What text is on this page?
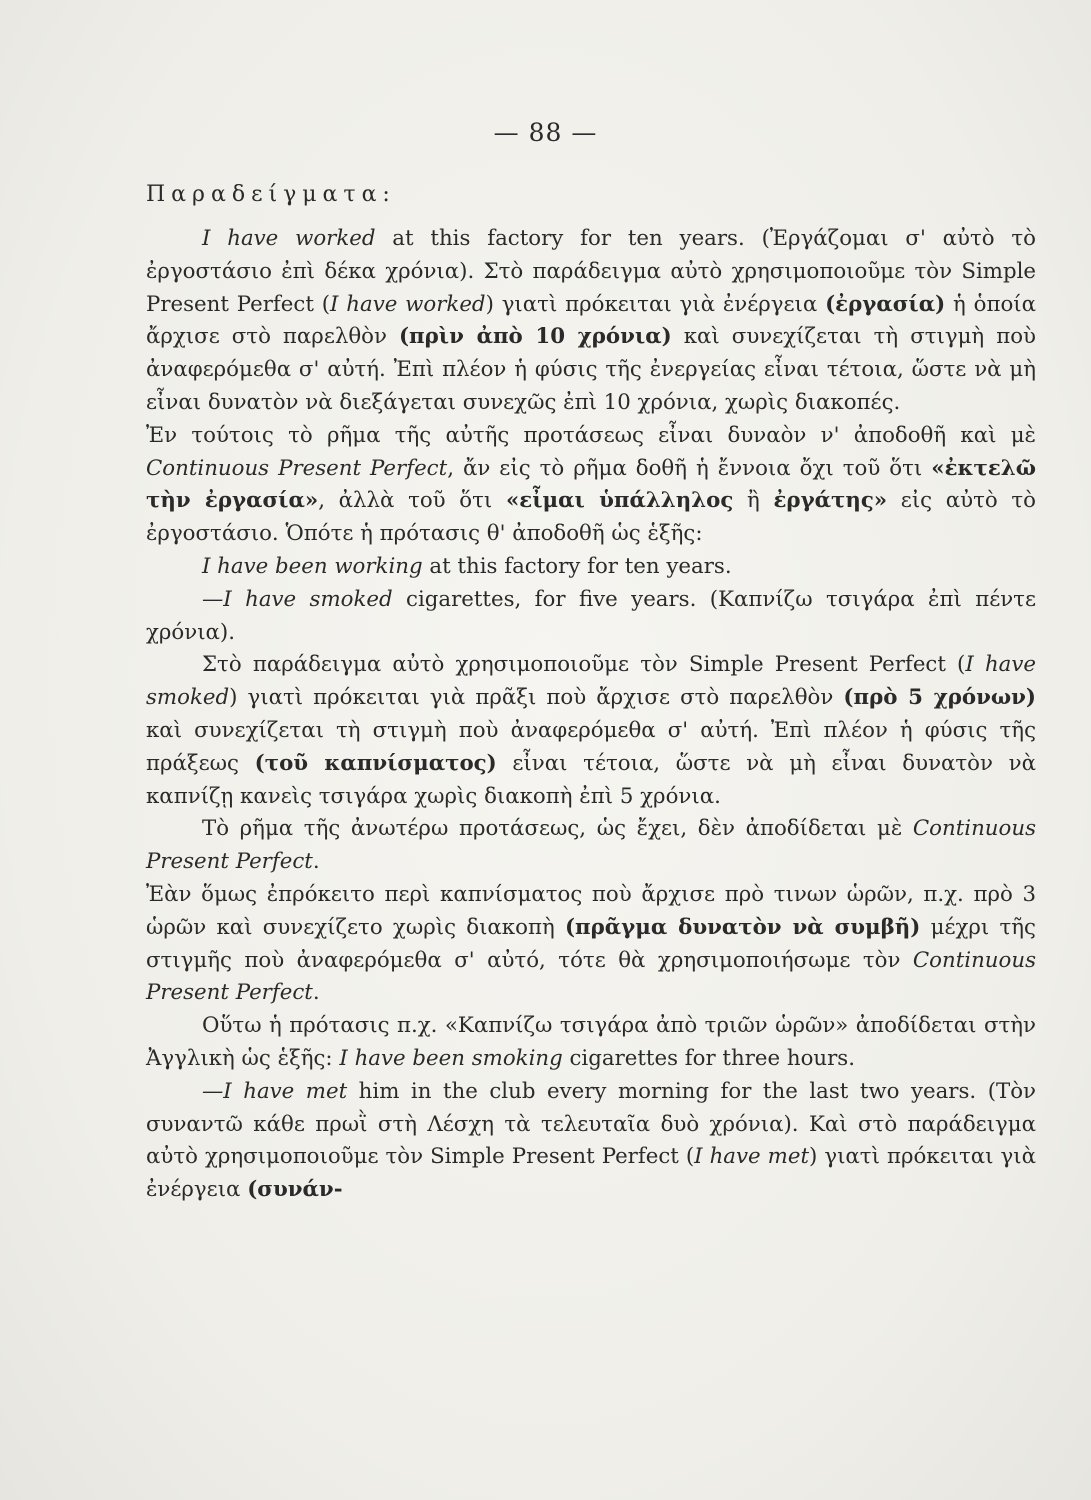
— 88 —
Παραδείγματα:

I have worked at this factory for ten years. (Ἐργάζομαι σ' αὐτὸ τὸ ἐργοστάσιο ἐπὶ δέκα χρόνια). Στὸ παράδειγμα αὐτὸ χρησιμοποιοῦμε τὸν Simple Present Perfect (I have worked) γιατὶ πρόκειται γιὰ ἐνέργεια (ἐργασία) ἡ ὁποία ἄρχισε στὸ παρελθὸν (πρὶν ἀπὸ 10 χρόνια) καὶ συνεχίζεται τὴ στιγμὴ ποὺ ἀναφερόμεθα σ' αὐτή. Ἐπὶ πλέον ἡ φύσις τῆς ἐνεργείας εἶναι τέτοια, ὥστε νὰ μὴ εἶναι δυνατὸν νὰ διεξάγεται συνεχῶς ἐπὶ 10 χρόνια, χωρὶς διακοπές.

Ἐν τούτοις τὸ ρῆμα τῆς αὐτῆς προτάσεως εἶναι δυναὸν ν' ἀποδοθῆ καὶ μὲ Continuous Present Perfect, ἄν εἰς τὸ ρῆμα δοθῆ ἡ ἔννοια ὄχι τοῦ ὅτι «ἐκτελῶ τὴν ἐργασία», ἀλλὰ τοῦ ὅτι «εἶμαι ὑπάλληλος ἢ ἐργάτης» εἰς αὐτὸ τὸ ἐργοστάσιο. Ὁπότε ἡ πρότασις θ' ἀποδοθῆ ὡς ἑξῆς:

I have been working at this factory for ten years.

—I have smoked cigarettes, for five years. (Καπνίζω τσιγάρα ἐπὶ πέντε χρόνια).

Στὸ παράδειγμα αὐτὸ χρησιμοποιοῦμε τὸν Simple Present Perfect (I have smoked) γιατὶ πρόκειται γιὰ πρᾶξι ποὺ ἄρχισε στὸ παρελθὸν (πρὸ 5 χρόνων) καὶ συνεχίζεται τὴ στιγμὴ ποὺ ἀναφερόμεθα σ' αὐτή. Ἐπὶ πλέον ἡ φύσις τῆς πράξεως (τοῦ καπνίσματος) εἶναι τέτοια, ὥστε νὰ μὴ εἶναι δυνατὸν νὰ καπνίζῃ κανεὶς τσιγάρα χωρὶς διακοπὴ ἐπὶ 5 χρόνια.

Τὸ ρῆμα τῆς ἀνωτέρω προτάσεως, ὡς ἔχει, δὲν ἀποδίδεται μὲ Continuous Present Perfect.

Ἐὰν ὅμως ἐπρόκειτο περὶ καπνίσματος ποὺ ἄρχισε πρὸ τινων ὡρῶν, π.χ. πρὸ 3 ὡρῶν καὶ συνεχίζετο χωρὶς διακοπὴ (πρᾶγμα δυνατὸν νὰ συμβῆ) μέχρι τῆς στιγμῆς ποὺ ἀναφερόμεθα σ' αὐτό, τότε θὰ χρησιμοποιήσωμε τὸν Continuous Present Perfect.

Οὕτω ἡ πρότασις π.χ. «Καπνίζω τσιγάρα ἀπὸ τριῶν ὡρῶν» ἀποδίδεται στὴν Ἀγγλικὴ ὡς ἑξῆς: I have been smoking cigarettes for three hours.

—I have met him in the club every morning for the last two years. (Τὸν συναντῶ κάθε πρωῒ στὴ Λέσχη τὰ τελευταῖα δυὸ χρόνια). Καὶ στὸ παράδειγμα αὐτὸ χρησιμοποιοῦμε τὸν Simple Present Perfect (I have met) γιατὶ πρόκειται γιὰ ἐνέργεια (συνάν-
